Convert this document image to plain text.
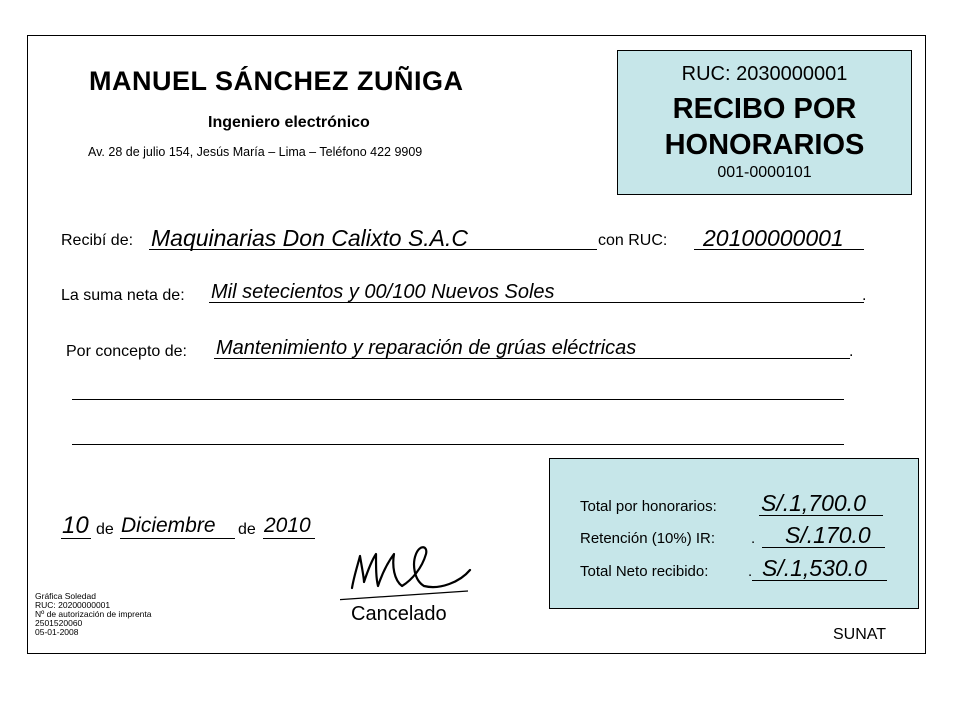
MANUEL SÁNCHEZ ZUÑIGA
Ingeniero electrónico
Av. 28 de julio 154, Jesús María – Lima – Teléfono 422 9909
RUC: 2030000001
RECIBO POR
HONORARIOS
001-0000101
Recibí de: Maquinarias Don Calixto S.A.C	con RUC: 20100000001
La suma neta de: Mil setecientos y 00/100 Nuevos Soles	.
Por concepto de: Mantenimiento y reparación de grúas eléctricas	.
10 de Diciembre de 2010
Total por honorarios: S/.1,700.0
Retención (10%) IR: . S/.170.0
Total Neto recibido:	. S/.1,530.0
Cancelado
Gráfica Soledad
RUC: 20200000001
Nº de autorización de imprenta
2501520060
05-01-2008	SUNAT
